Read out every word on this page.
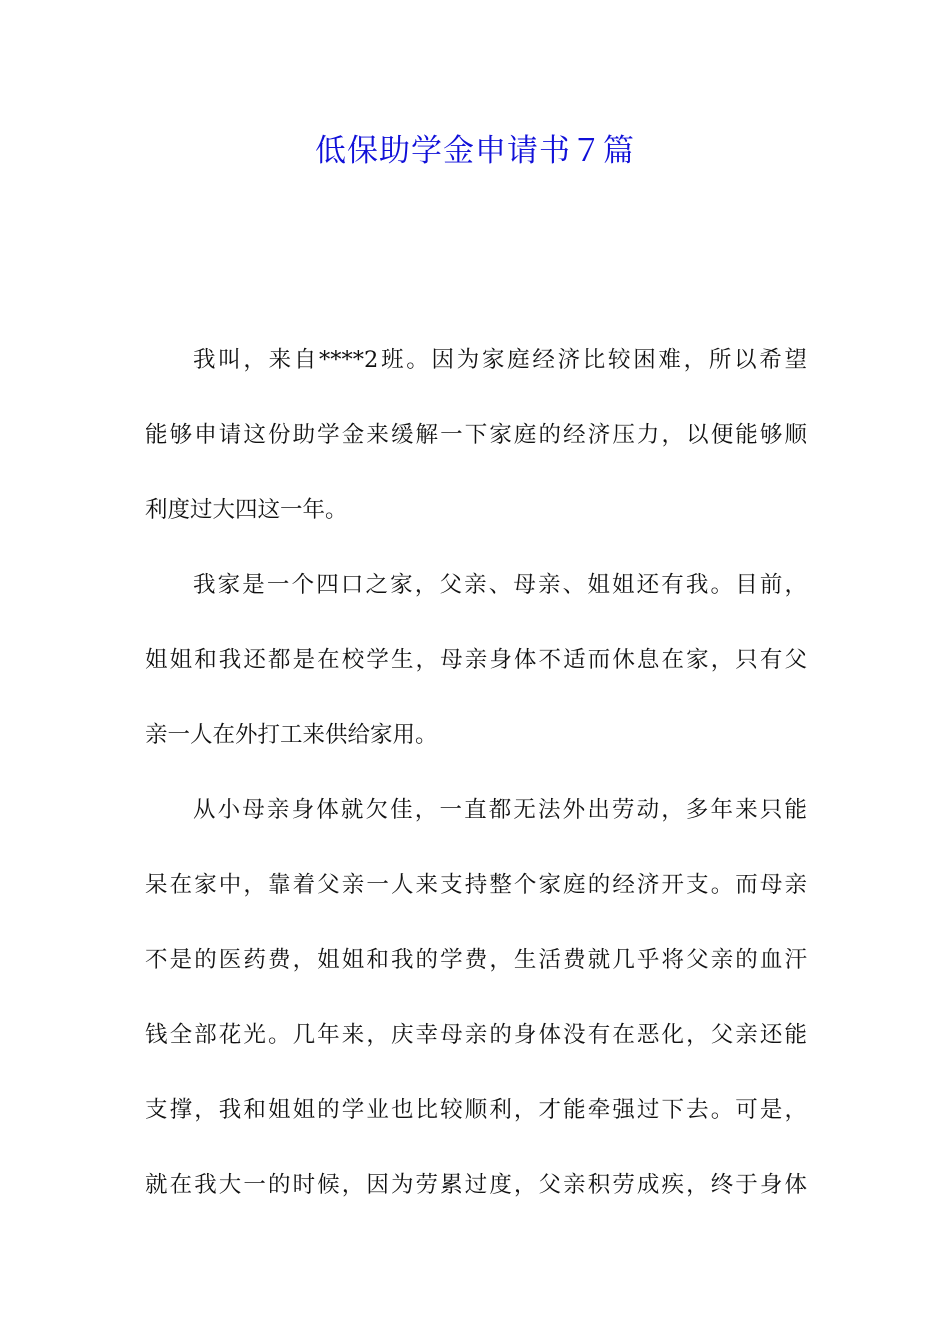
低保助学金申请书７篇
我叫，来自****2班。因为家庭经济比较困难，所以希望
能够申请这份助学金来缓解一下家庭的经济压力，以便能够顺
利度过大四这一年。
我家是一个四口之家，父亲、母亲、姐姐还有我。目前，
姐姐和我还都是在校学生，母亲身体不适而休息在家，只有父
亲一人在外打工来供给家用。
从小母亲身体就欠佳，一直都无法外出劳动，多年来只能
呆在家中，靠着父亲一人来支持整个家庭的经济开支。而母亲
不是的医药费，姐姐和我的学费，生活费就几乎将父亲的血汗
钱全部花光。几年来，庆幸母亲的身体没有在恶化，父亲还能
支撑，我和姐姐的学业也比较顺利，才能牵强过下去。可是，
就在我大一的时候，因为劳累过度，父亲积劳成疾，终于身体
